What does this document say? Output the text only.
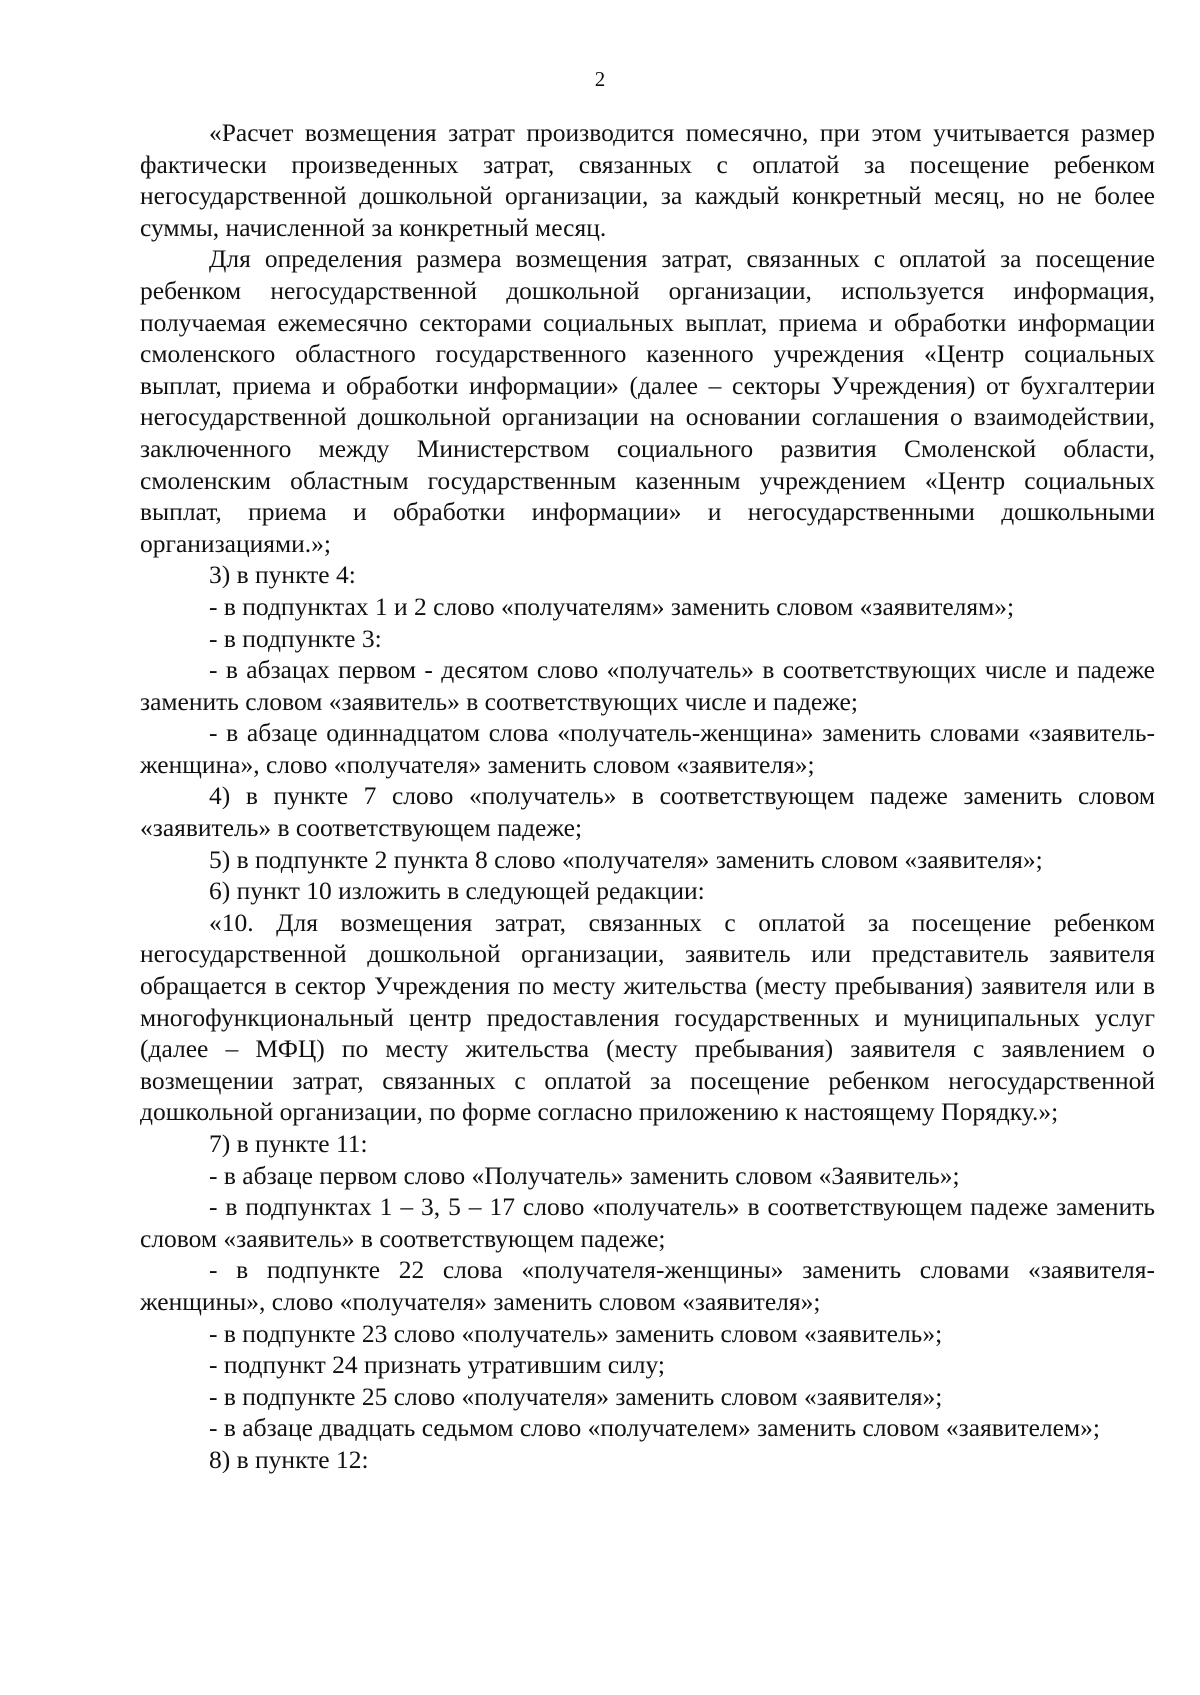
2

«Расчет возмещения затрат производится помесячно, при этом учитывается размер фактически произведенных затрат, связанных с оплатой за посещение ребенком негосударственной дошкольной организации, за каждый конкретный месяц, но не более суммы, начисленной за конкретный месяц.

Для определения размера возмещения затрат, связанных с оплатой за посещение ребенком негосударственной дошкольной организации, используется информация, получаемая ежемесячно секторами социальных выплат, приема и обработки информации смоленского областного государственного казенного учреждения «Центр социальных выплат, приема и обработки информации» (далее – секторы Учреждения) от бухгалтерии негосударственной дошкольной организации на основании соглашения о взаимодействии, заключенного между Министерством социального развития Смоленской области, смоленским областным государственным казенным учреждением «Центр социальных выплат, приема и обработки информации» и негосударственными дошкольными организациями.»;

3) в пункте 4:

- в подпунктах 1 и 2 слово «получателям» заменить словом «заявителям»;

- в подпункте 3:

- в абзацах первом - десятом слово «получатель» в соответствующих числе и падеже заменить словом «заявитель» в соответствующих числе и падеже;

- в абзаце одиннадцатом слова «получатель-женщина» заменить словами «заявитель-женщина», слово «получателя» заменить словом «заявителя»;

4) в пункте 7 слово «получатель» в соответствующем падеже заменить словом «заявитель» в соответствующем падеже;

5) в подпункте 2 пункта 8 слово «получателя» заменить словом «заявителя»;

6) пункт 10 изложить в следующей редакции:

«10. Для возмещения затрат, связанных с оплатой за посещение ребенком негосударственной дошкольной организации, заявитель или представитель заявителя обращается в сектор Учреждения по месту жительства (месту пребывания) заявителя или в многофункциональный центр предоставления государственных и муниципальных услуг (далее – МФЦ) по месту жительства (месту пребывания) заявителя с заявлением о возмещении затрат, связанных с оплатой за посещение ребенком негосударственной дошкольной организации, по форме согласно приложению к настоящему Порядку.»;

7) в пункте 11:

- в абзаце первом слово «Получатель» заменить словом «Заявитель»;

- в подпунктах 1 – 3, 5 – 17 слово «получатель» в соответствующем падеже заменить словом «заявитель» в соответствующем падеже;

- в подпункте 22 слова «получателя-женщины» заменить словами «заявителя-женщины», слово «получателя» заменить словом «заявителя»;

- в подпункте 23 слово «получатель» заменить словом «заявитель»;

- подпункт 24 признать утратившим силу;

- в подпункте 25 слово «получателя» заменить словом «заявителя»;

- в абзаце двадцать седьмом слово «получателем» заменить словом «заявителем»;

8) в пункте 12:
